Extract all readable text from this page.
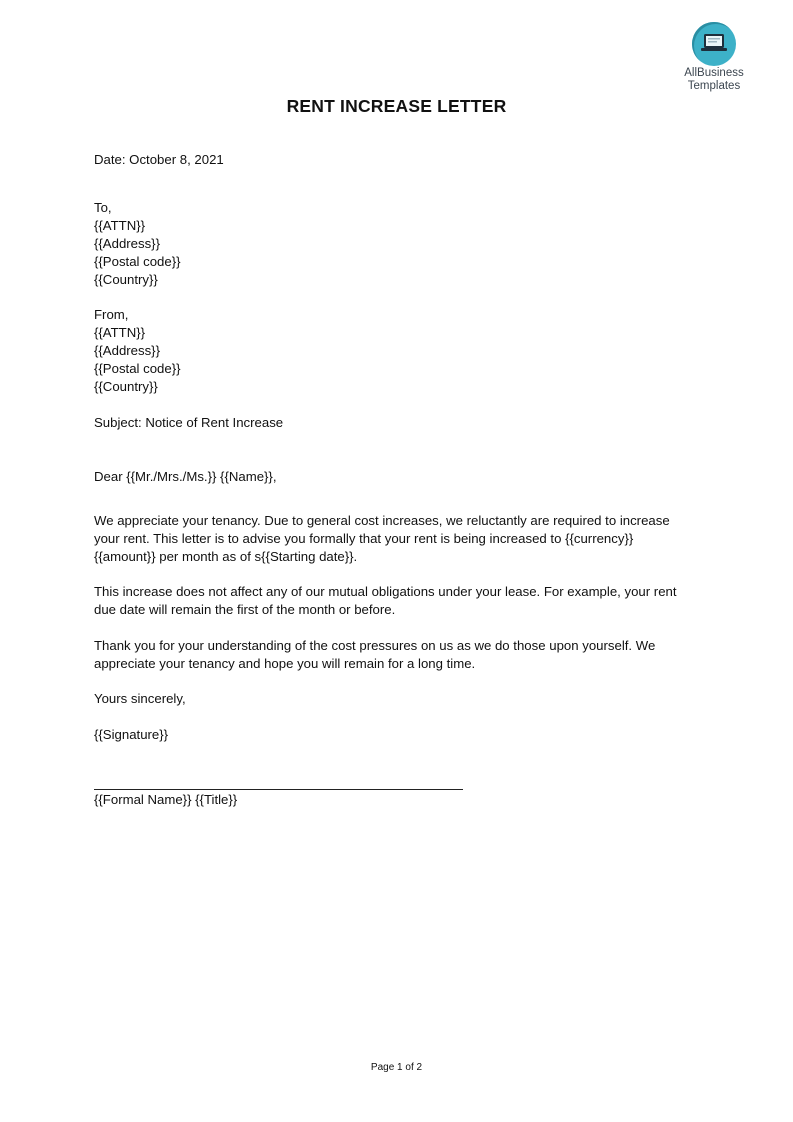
AllBusiness
Templates
RENT INCREASE LETTER
Date: October 8, 2021
To,
{{ATTN}}
{{Address}}
{{Postal code}}
{{Country}}
From,
{{ATTN}}
{{Address}}
{{Postal code}}
{{Country}}
Subject: Notice of Rent Increase
Dear {{Mr./Mrs./Ms.}} {{Name}},
We appreciate your tenancy. Due to general cost increases, we reluctantly are required to increase
your rent. This letter is to advise you formally that your rent is being increased to {{currency}}
{{amount}} per month as of s{{Starting date}}.
This increase does not affect any of our mutual obligations under your lease. For example, your rent
due date will remain the first of the month or before.
Thank you for your understanding of the cost pressures on us as we do those upon yourself. We
appreciate your tenancy and hope you will remain for a long time.
Yours sincerely,
{{Signature}}
{{Formal Name}} {{Title}}
Page 1 of 2
